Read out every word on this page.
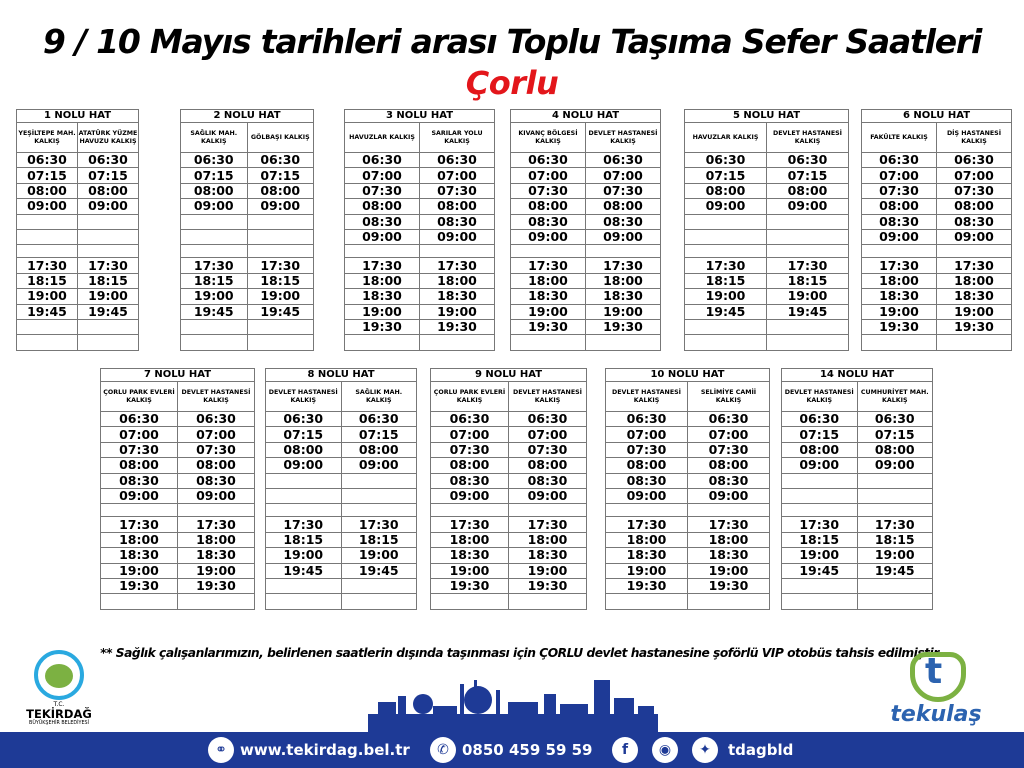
9 / 10 Mayıs tarihleri arası Toplu Taşıma Sefer Saatleri
Çorlu
1 NOLU HAT	
YEŞİLTEPE MAH. KALKIŞ	ATATÜRK YÜZME HAVUZU KALKIŞ
06:30	06:30
07:15	07:15
08:00	08:00
09:00	09:00

17:30	17:30
18:15	18:15
19:00	19:00
19:45	19:45

2 NOLU HAT	
SAĞLIK MAH. KALKIŞ	GÖLBAŞI KALKIŞ
06:30	06:30
07:15	07:15
08:00	08:00
09:00	09:00

17:30	17:30
18:15	18:15
19:00	19:00
19:45	19:45

3 NOLU HAT	
HAVUZLAR KALKIŞ	SARILAR YOLU KALKIŞ
06:30	06:30
07:00	07:00
07:30	07:30
08:00	08:00
08:30	08:30
09:00	09:00

17:30	17:30
18:00	18:00
18:30	18:30
19:00	19:00
19:30	19:30

4 NOLU HAT	
KIVANÇ BÖLGESİ KALKIŞ	DEVLET HASTANESİ KALKIŞ
06:30	06:30
07:00	07:00
07:30	07:30
08:00	08:00
08:30	08:30
09:00	09:00

17:30	17:30
18:00	18:00
18:30	18:30
19:00	19:00
19:30	19:30

5 NOLU HAT	
HAVUZLAR KALKIŞ	DEVLET HASTANESİ KALKIŞ
06:30	06:30
07:15	07:15
08:00	08:00
09:00	09:00

17:30	17:30
18:15	18:15
19:00	19:00
19:45	19:45

6 NOLU HAT	
FAKÜLTE KALKIŞ	DİŞ HASTANESİ KALKIŞ
06:30	06:30
07:00	07:00
07:30	07:30
08:00	08:00
08:30	08:30
09:00	09:00

17:30	17:30
18:00	18:00
18:30	18:30
19:00	19:00
19:30	19:30

7 NOLU HAT	
ÇORLU PARK EVLERİ KALKIŞ	DEVLET HASTANESİ KALKIŞ
06:30	06:30
07:00	07:00
07:30	07:30
08:00	08:00
08:30	08:30
09:00	09:00

17:30	17:30
18:00	18:00
18:30	18:30
19:00	19:00
19:30	19:30

8 NOLU HAT	
DEVLET HASTANESİ KALKIŞ	SAĞLIK MAH. KALKIŞ
06:30	06:30
07:15	07:15
08:00	08:00
09:00	09:00

17:30	17:30
18:15	18:15
19:00	19:00
19:45	19:45

9 NOLU HAT	
ÇORLU PARK EVLERİ KALKIŞ	DEVLET HASTANESİ KALKIŞ
06:30	06:30
07:00	07:00
07:30	07:30
08:00	08:00
08:30	08:30
09:00	09:00

17:30	17:30
18:00	18:00
18:30	18:30
19:00	19:00
19:30	19:30

10 NOLU HAT	
DEVLET HASTANESİ KALKIŞ	SELİMİYE CAMİİ KALKIŞ
06:30	06:30
07:00	07:00
07:30	07:30
08:00	08:00
08:30	08:30
09:00	09:00

17:30	17:30
18:00	18:00
18:30	18:30
19:00	19:00
19:30	19:30

14 NOLU HAT	
DEVLET HASTANESİ KALKIŞ	CUMHURİYET MAH. KALKIŞ
06:30	06:30
07:15	07:15
08:00	08:00
09:00	09:00

17:30	17:30
18:15	18:15
19:00	19:00
19:45	19:45

** Sağlık çalışanlarımızın, belirlenen saatlerin dışında taşınması için ÇORLU devlet hastanesine şoförlü VIP otobüs tahsis edilmiştir.
T.C.
TEKİRDAĞ
BÜYÜKŞEHİR BELEDİYESİ
t	tekulaş
⚭ www.tekirdag.bel.tr	✆ 0850 459 59 59	f	◉	✦	tdagbld
